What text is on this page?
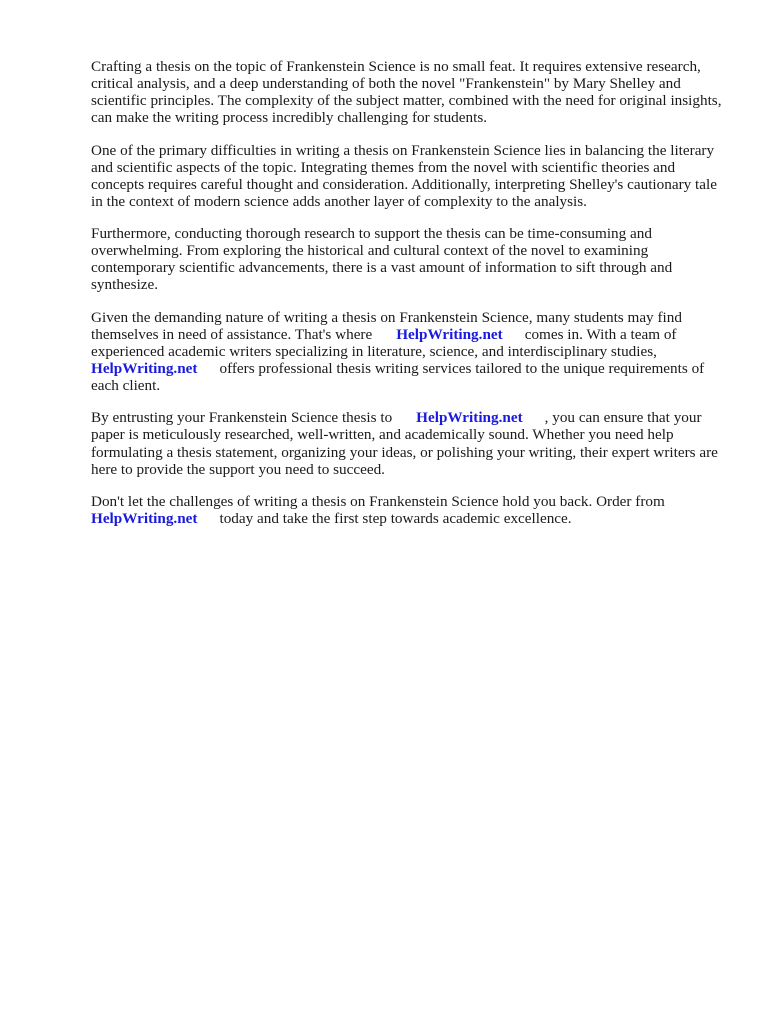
Crafting a thesis on the topic of Frankenstein Science is no small feat. It requires extensive research, critical analysis, and a deep understanding of both the novel "Frankenstein" by Mary Shelley and scientific principles. The complexity of the subject matter, combined with the need for original insights, can make the writing process incredibly challenging for students.

One of the primary difficulties in writing a thesis on Frankenstein Science lies in balancing the literary and scientific aspects of the topic. Integrating themes from the novel with scientific theories and concepts requires careful thought and consideration. Additionally, interpreting Shelley's cautionary tale in the context of modern science adds another layer of complexity to the analysis.

Furthermore, conducting thorough research to support the thesis can be time-consuming and overwhelming. From exploring the historical and cultural context of the novel to examining contemporary scientific advancements, there is a vast amount of information to sift through and synthesize.

Given the demanding nature of writing a thesis on Frankenstein Science, many students may find themselves in need of assistance. That's where HelpWriting.net comes in. With a team of experienced academic writers specializing in literature, science, and interdisciplinary studies, HelpWriting.net offers professional thesis writing services tailored to the unique requirements of each client.

By entrusting your Frankenstein Science thesis to HelpWriting.net , you can ensure that your paper is meticulously researched, well-written, and academically sound. Whether you need help formulating a thesis statement, organizing your ideas, or polishing your writing, their expert writers are here to provide the support you need to succeed.

Don't let the challenges of writing a thesis on Frankenstein Science hold you back. Order from HelpWriting.net today and take the first step towards academic excellence.
